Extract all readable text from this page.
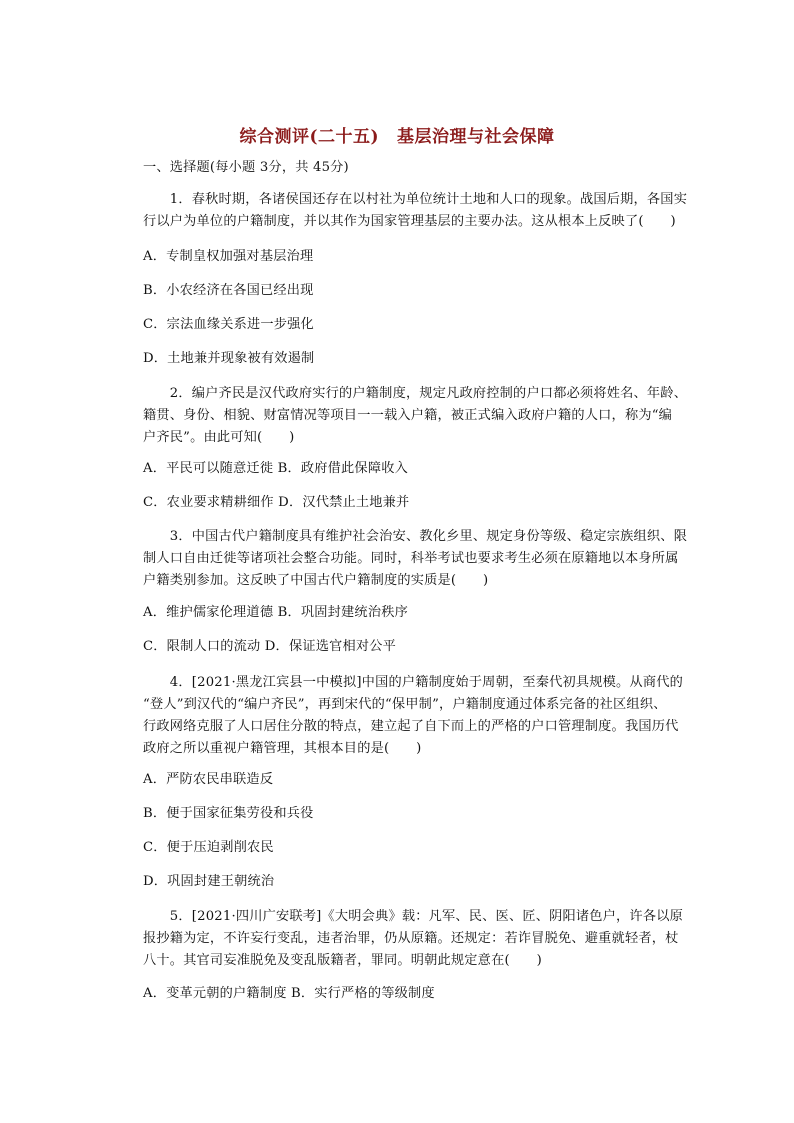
综合测评(二十五) 基层治理与社会保障
一、选择题(每小题 3分，共 45分)
　　1．春秋时期，各诸侯国还存在以村社为单位统计土地和人口的现象。战国后期，各国实
行以户为单位的户籍制度，并以其作为国家管理基层的主要办法。这从根本上反映了(　　)
A．专制皇权加强对基层治理
B．小农经济在各国已经出现
C．宗法血缘关系进一步强化
D．土地兼并现象被有效遏制
　　2．编户齐民是汉代政府实行的户籍制度，规定凡政府控制的户口都必须将姓名、年龄、
籍贯、身份、相貌、财富情况等项目一一载入户籍，被正式编入政府户籍的人口，称为“编
户齐民”。由此可知(　　)
A．平民可以随意迁徙 B．政府借此保障收入
C．农业要求精耕细作 D．汉代禁止土地兼并
　　3．中国古代户籍制度具有维护社会治安、教化乡里、规定身份等级、稳定宗族组织、限
制人口自由迁徙等诸项社会整合功能。同时，科举考试也要求考生必须在原籍地以本身所属
户籍类别参加。这反映了中国古代户籍制度的实质是(　　)
A．维护儒家伦理道德 B．巩固封建统治秩序
C．限制人口的流动 D．保证选官相对公平
　　4．[2021·黑龙江宾县一中模拟]中国的户籍制度始于周朝，至秦代初具规模。从商代的
“登人”到汉代的“编户齐民”，再到宋代的“保甲制”，户籍制度通过体系完备的社区组织、
行政网络克服了人口居住分散的特点，建立起了自下而上的严格的户口管理制度。我国历代
政府之所以重视户籍管理，其根本目的是(　　)
A．严防农民串联造反
B．便于国家征集劳役和兵役
C．便于压迫剥削农民
D．巩固封建王朝统治
　　5．[2021·四川广安联考]《大明会典》载：凡军、民、医、匠、阴阳诸色户，许各以原
报抄籍为定，不许妄行变乱，违者治罪，仍从原籍。还规定：若诈冒脱免、避重就轻者，杖
八十。其官司妄准脱免及变乱版籍者，罪同。明朝此规定意在(　　)
A．变革元朝的户籍制度 B．实行严格的等级制度
